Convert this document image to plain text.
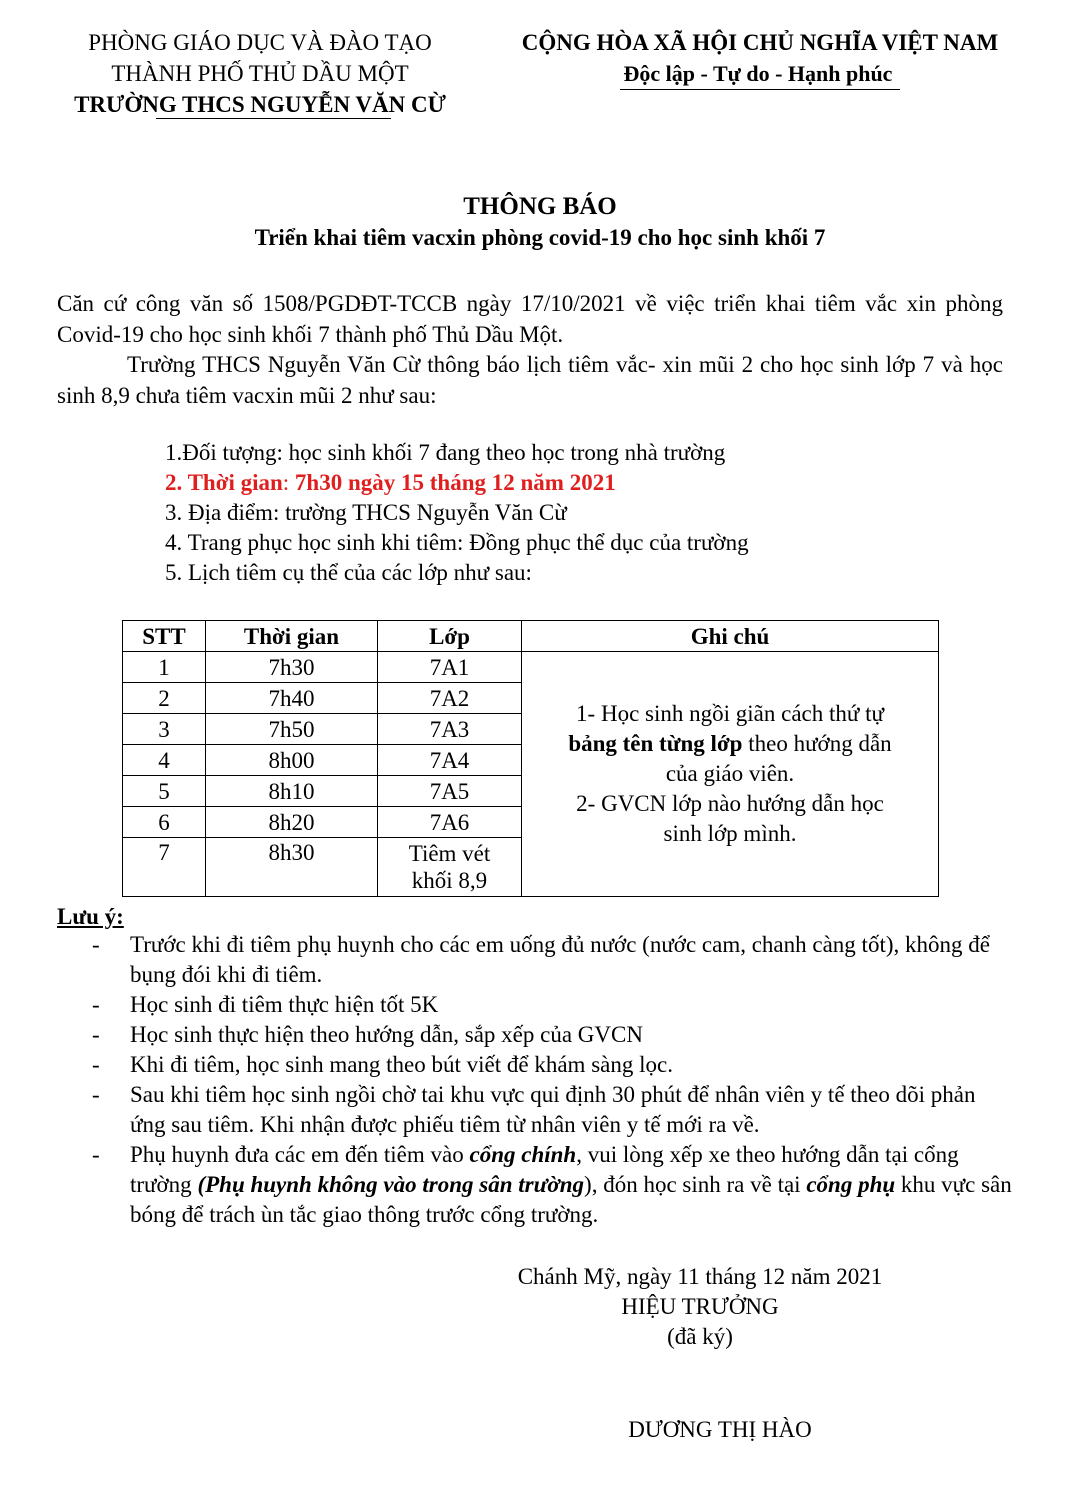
PHÒNG GIÁO DỤC VÀ ĐÀO TẠO
THÀNH PHỐ THỦ DẦU MỘT
TRƯỜNG THCS NGUYỄN VĂN CỪ
CỘNG HÒA XÃ HỘI CHỦ NGHĨA VIỆT NAM
Độc lập - Tự do - Hạnh phúc
THÔNG BÁO
Triển khai tiêm vacxin phòng covid-19 cho học sinh khối 7
Căn cứ công văn số 1508/PGDĐT-TCCB ngày 17/10/2021 về việc triển khai tiêm vắc xin phòng Covid-19 cho học sinh khối 7 thành phố Thủ Dầu Một.
Trường THCS Nguyễn Văn Cừ thông báo lịch tiêm vắc- xin mũi 2 cho học sinh lớp 7 và học sinh 8,9 chưa tiêm vacxin mũi 2 như sau:
1.Đối tượng: học sinh khối 7 đang theo học trong nhà trường
2. Thời gian: 7h30 ngày 15 tháng 12 năm 2021
3. Địa điểm: trường THCS Nguyễn Văn Cừ
4. Trang phục học sinh khi tiêm: Đồng phục thể dục của trường
5. Lịch tiêm cụ thể của các lớp như sau:
STT	Thời gian	Lớp	Ghi chú
1	7h30	7A1	1- Học sinh ngồi giãn cách thứ tự
bảng tên từng lớp theo hướng dẫn
của giáo viên.
2- GVCN lớp nào hướng dẫn học
sinh lớp mình.

2	7h40	7A2	
3	7h50	7A3	
4	8h00	7A4	
5	8h10	7A5	
6	8h20	7A6	
7	8h30	Tiêm vét
khối 8,9	
Lưu ý:
- Trước khi đi tiêm phụ huynh cho các em uống đủ nước (nước cam, chanh càng tốt), không để bụng đói khi đi tiêm.
- Học sinh đi tiêm thực hiện tốt 5K
- Học sinh thực hiện theo hướng dẫn, sắp xếp của GVCN
- Khi đi tiêm, học sinh mang theo bút viết để khám sàng lọc.
- Sau khi tiêm học sinh ngồi chờ tai khu vực qui định 30 phút để nhân viên y tế theo dõi phản ứng sau tiêm. Khi nhận được phiếu tiêm từ nhân viên y tế mới ra về.
- Phụ huynh đưa các em đến tiêm vào cổng chính, vui lòng xếp xe theo hướng dẫn tại cổng trường (Phụ huynh không vào trong sân trường), đón học sinh ra về tại cổng phụ khu vực sân bóng để trách ùn tắc giao thông trước cổng trường.
Chánh Mỹ, ngày 11 tháng 12 năm 2021
HIỆU TRƯỞNG
(đã ký)
DƯƠNG THỊ HÀO
